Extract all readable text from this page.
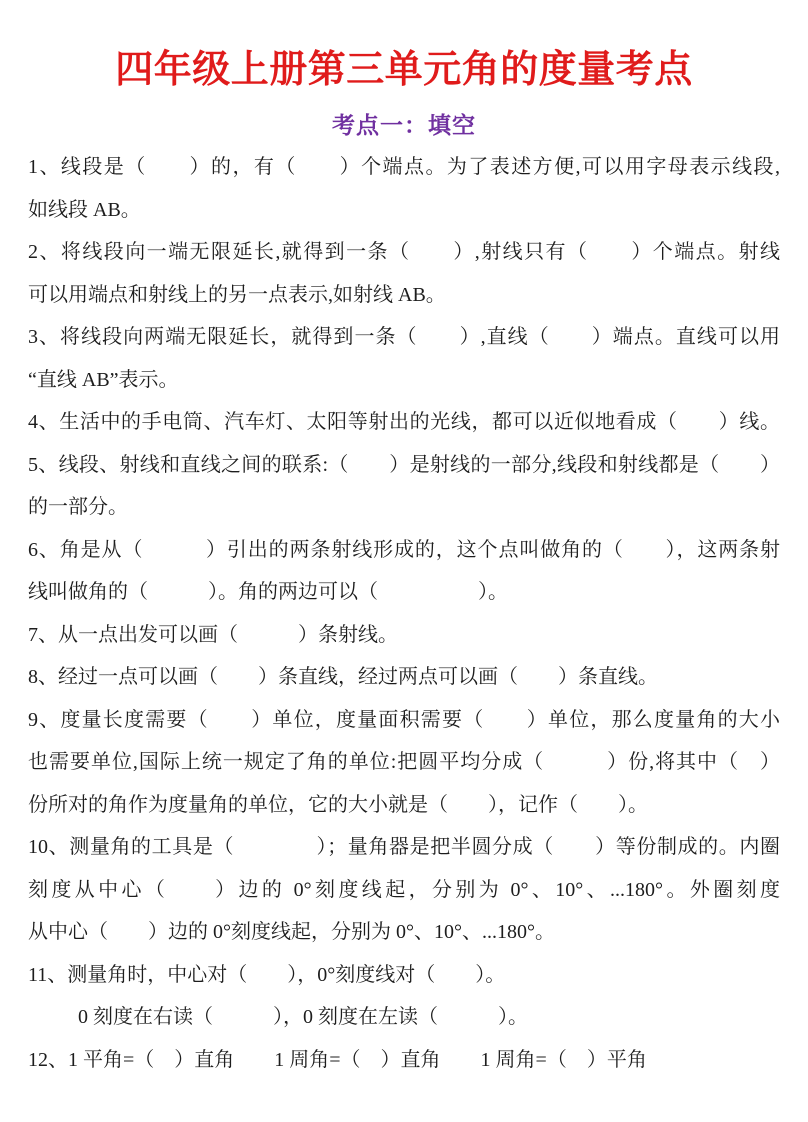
四年级上册第三单元角的度量考点
考点一：填空
1、线段是（　　）的，有（　　）个端点。为了表述方便,可以用字母表示线段,
如线段 AB。
2、将线段向一端无限延长,就得到一条（　　）,射线只有（　　）个端点。射线
可以用端点和射线上的另一点表示,如射线 AB。
3、将线段向两端无限延长，就得到一条（　　）,直线（　　）端点。直线可以用
“直线 AB”表示。
4、生活中的手电筒、汽车灯、太阳等射出的光线，都可以近似地看成（　　）线。
5、线段、射线和直线之间的联系:（　　）是射线的一部分,线段和射线都是（　　）
的一部分。
6、角是从（　　　）引出的两条射线形成的，这个点叫做角的（　　），这两条射
线叫做角的（　　　）。角的两边可以（　　　　　）。
7、从一点出发可以画（　　　）条射线。
8、经过一点可以画（　　）条直线，经过两点可以画（　　）条直线。
9、度量长度需要（　　）单位，度量面积需要（　　）单位，那么度量角的大小
也需要单位,国际上统一规定了角的单位:把圆平均分成（　　　）份,将其中（　）
份所对的角作为度量角的单位，它的大小就是（　　），记作（　　）。
10、测量角的工具是（　　　　）；量角器是把半圆分成（　　）等份制成的。内圈
刻度从中心（　　）边的 0°刻度线起，分别为 0°、10°、...180°。外圈刻度
从中心（　　）边的 0°刻度线起，分别为 0°、10°、...180°。
11、测量角时，中心对（　　），0°刻度线对（　　）。
0 刻度在右读（　　　），0 刻度在左读（　　　）。
12、1 平角=（　）直角　　1 周角=（　）直角　　1 周角=（　）平角
